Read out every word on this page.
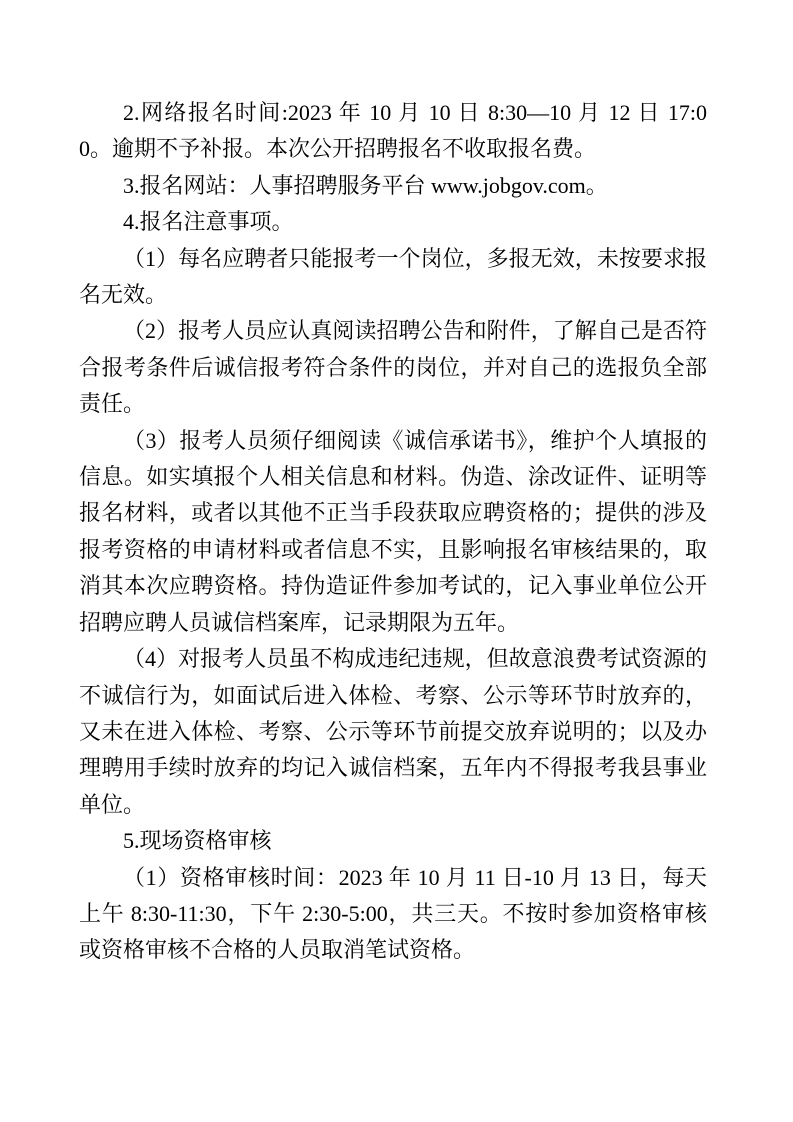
2.网络报名时间:2023 年 10 月 10 日 8:30—10 月 12 日 17:00。逾期不予补报。本次公开招聘报名不收取报名费。

3.报名网站：人事招聘服务平台 www.jobgov.com。

4.报名注意事项。

（1）每名应聘者只能报考一个岗位，多报无效，未按要求报名无效。

（2）报考人员应认真阅读招聘公告和附件，了解自己是否符合报考条件后诚信报考符合条件的岗位，并对自己的选报负全部责任。

（3）报考人员须仔细阅读《诚信承诺书》，维护个人填报的信息。如实填报个人相关信息和材料。伪造、涂改证件、证明等报名材料，或者以其他不正当手段获取应聘资格的；提供的涉及报考资格的申请材料或者信息不实，且影响报名审核结果的，取消其本次应聘资格。持伪造证件参加考试的，记入事业单位公开招聘应聘人员诚信档案库，记录期限为五年。

（4）对报考人员虽不构成违纪违规，但故意浪费考试资源的不诚信行为，如面试后进入体检、考察、公示等环节时放弃的，又未在进入体检、考察、公示等环节前提交放弃说明的；以及办理聘用手续时放弃的均记入诚信档案，五年内不得报考我县事业单位。

5.现场资格审核

（1）资格审核时间：2023 年 10 月 11 日-10 月 13 日，每天上午 8:30-11:30，下午 2:30-5:00，共三天。不按时参加资格审核或资格审核不合格的人员取消笔试资格。
